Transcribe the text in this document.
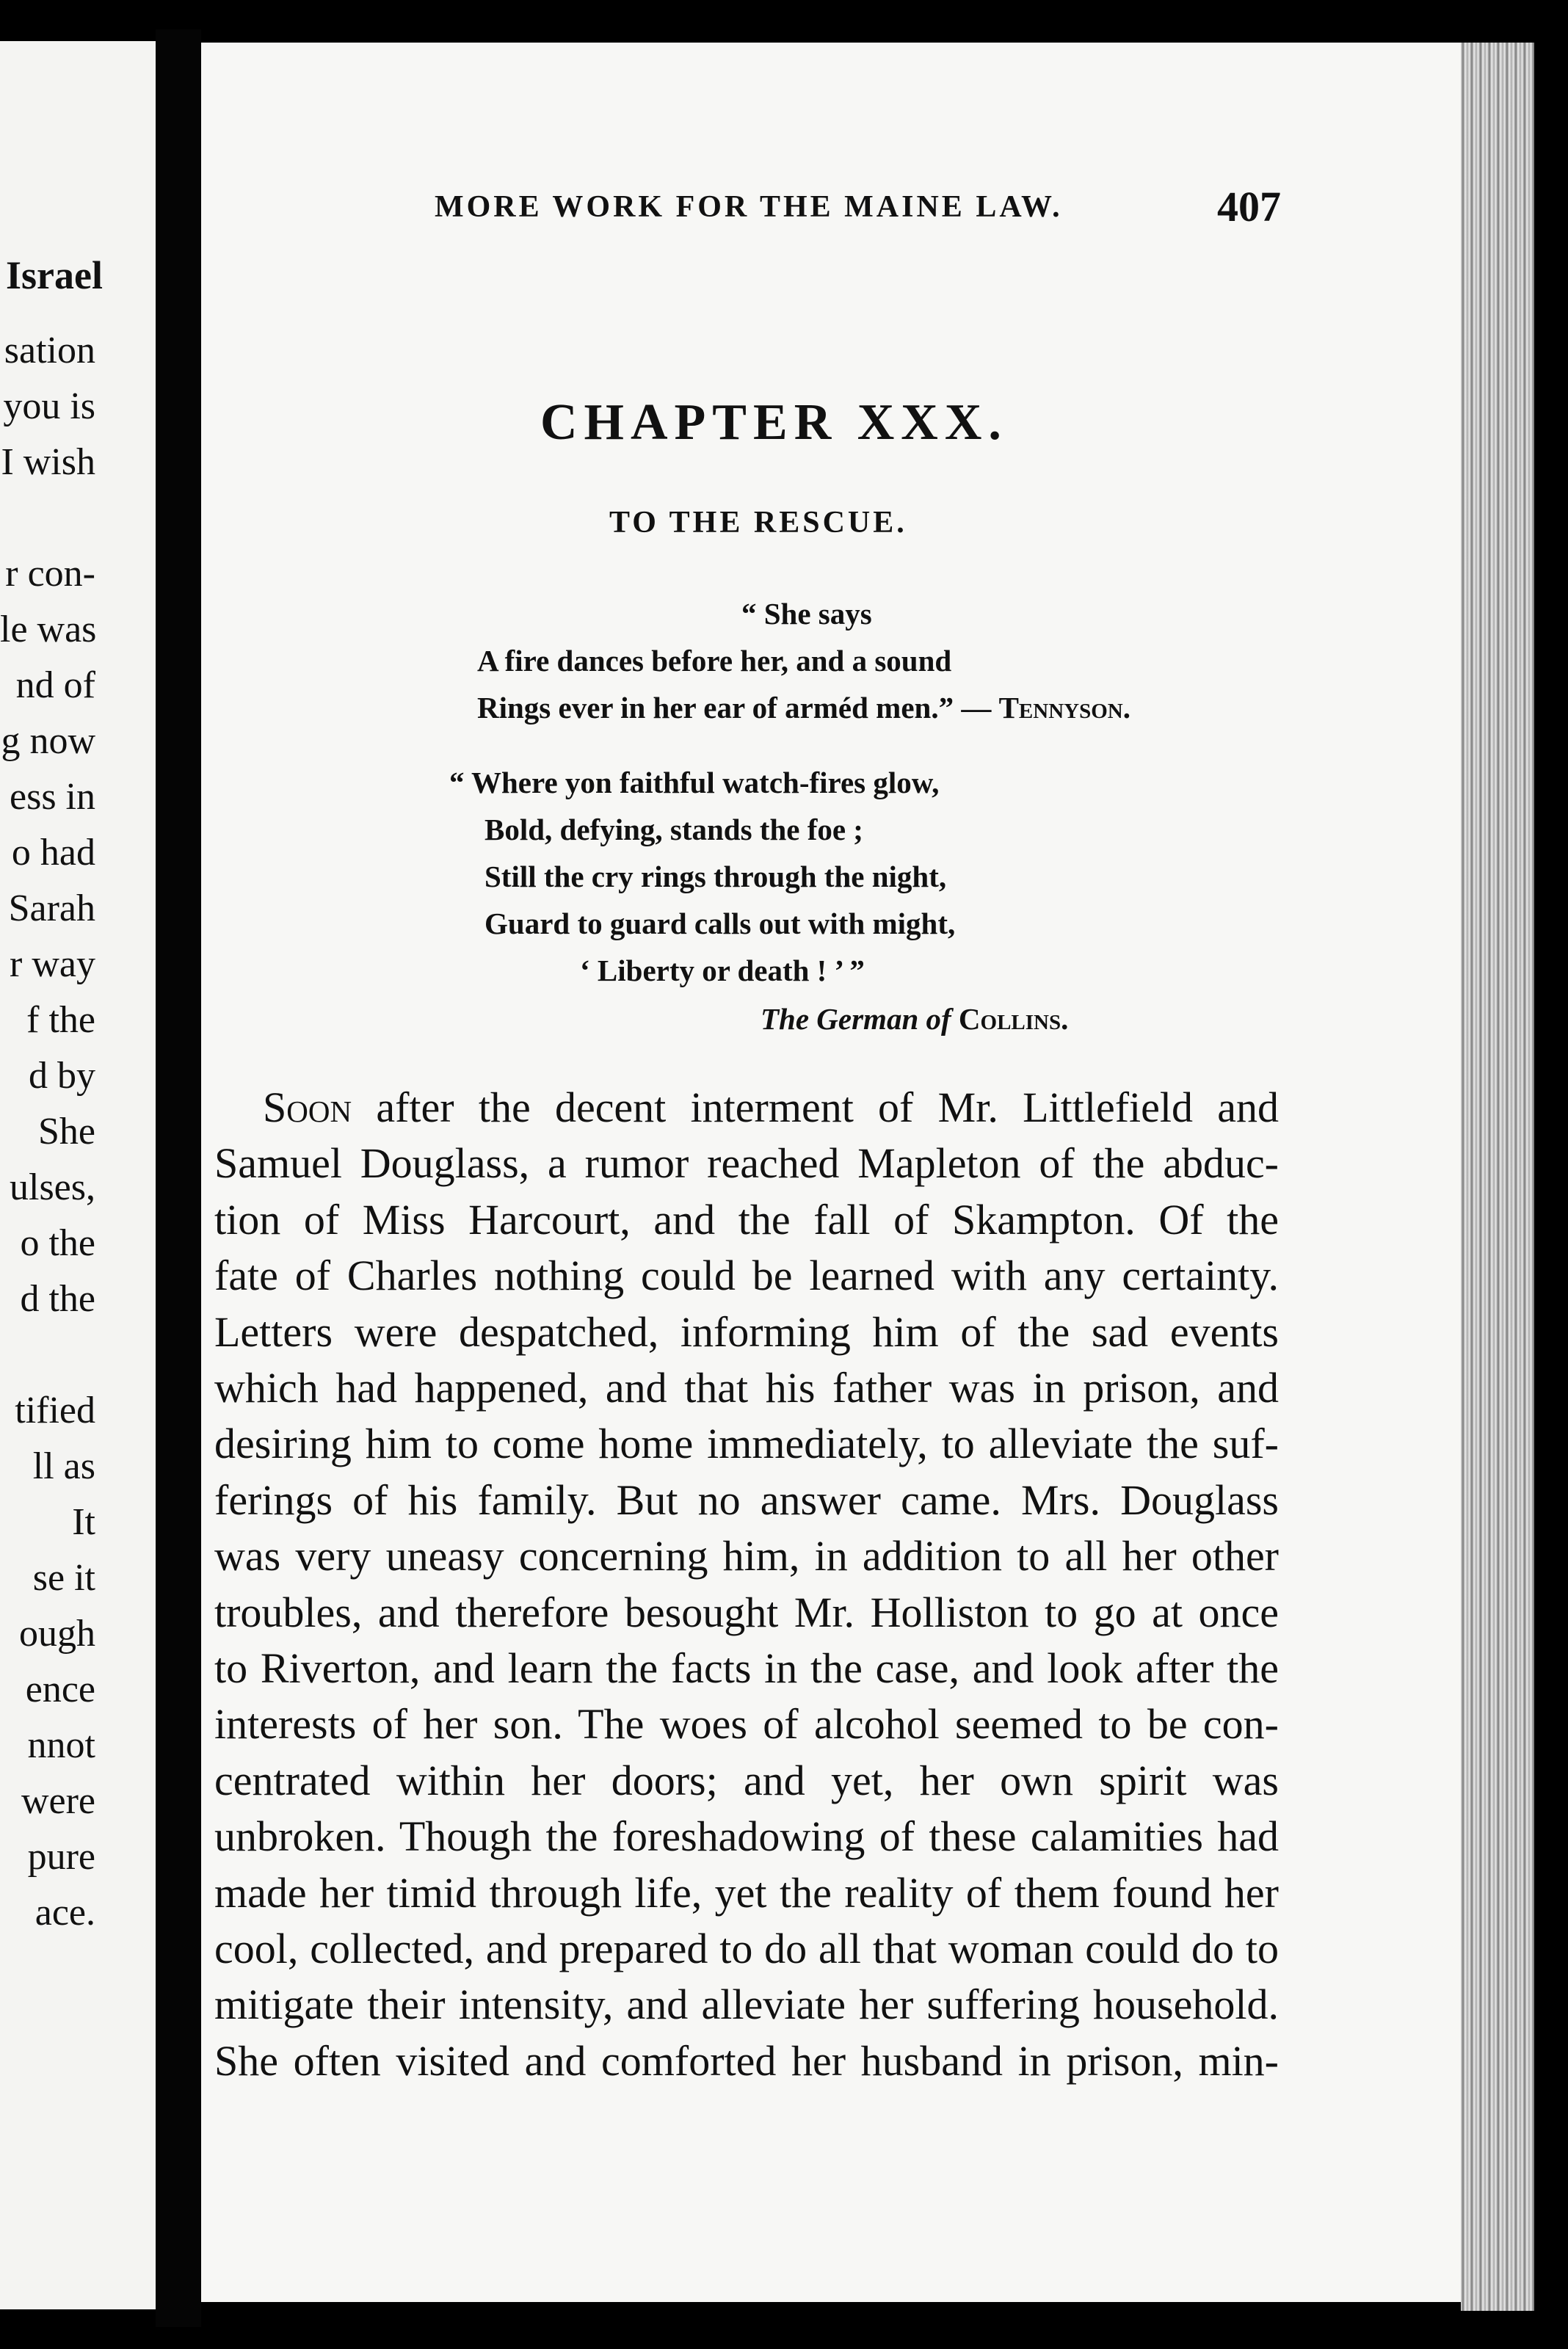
Israel
sation
you is
I wish
r con-
le was
nd of
g now
ess in
o had
Sarah
r way
f the
d by
She
ulses,
o the
d the
tified
ll as
It
se it
ough
ence
nnot
were
pure
ace.
MORE WORK FOR THE MAINE LAW.	407
CHAPTER XXX.
TO THE RESCUE.
“ She says
A fire dances before her, and a sound
Rings ever in her ear of arméd men.” — Tennyson.
“ Where yon faithful watch-fires glow,
Bold, defying, stands the foe ;
Still the cry rings through the night,
Guard to guard calls out with might,
‘ Liberty or death ! ’ ”
The German of Collins.
Soon after the decent interment of Mr. Littlefield and
Samuel Douglass, a rumor reached Mapleton of the abduc-
tion of Miss Harcourt, and the fall of Skampton. Of the
fate of Charles nothing could be learned with any certainty.
Letters were despatched, informing him of the sad events
which had happened, and that his father was in prison, and
desiring him to come home immediately, to alleviate the suf-
ferings of his family. But no answer came. Mrs. Douglass
was very uneasy concerning him, in addition to all her other
troubles, and therefore besought Mr. Holliston to go at once
to Riverton, and learn the facts in the case, and look after the
interests of her son. The woes of alcohol seemed to be con-
centrated within her doors; and yet, her own spirit was
unbroken. Though the foreshadowing of these calamities had
made her timid through life, yet the reality of them found her
cool, collected, and prepared to do all that woman could do to
mitigate their intensity, and alleviate her suffering household.
She often visited and comforted her husband in prison, min-
